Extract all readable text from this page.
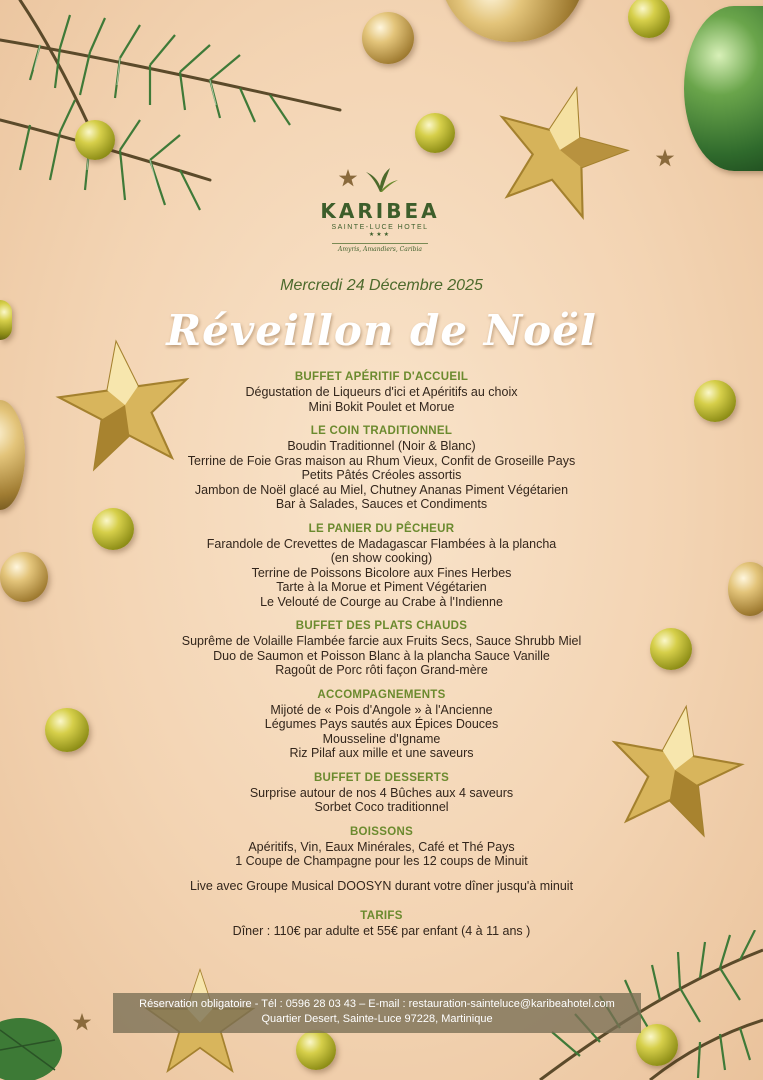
KARIBEA
SAINTE-LUCE HOTEL
★★★
Amyris, Amandiers, Caribia
Mercredi 24 Décembre 2025
Réveillon de Noël
BUFFET APÉRITIF D'ACCUEIL
Dégustation de Liqueurs d'ici et Apéritifs au choix
Mini Bokit Poulet et Morue
LE COIN TRADITIONNEL
Boudin Traditionnel (Noir & Blanc)
Terrine de Foie Gras maison au Rhum Vieux, Confit de Groseille Pays
Petits Pâtés Créoles assortis
Jambon de Noël glacé au Miel, Chutney Ananas Piment Végétarien
Bar à Salades, Sauces et Condiments
LE PANIER DU PÊCHEUR
Farandole de Crevettes de Madagascar Flambées à la plancha
(en show cooking)
Terrine de Poissons Bicolore aux Fines Herbes
Tarte à la Morue et Piment Végétarien
Le Velouté de Courge au Crabe à l'Indienne
BUFFET DES PLATS CHAUDS
Suprême de Volaille Flambée farcie aux Fruits Secs, Sauce Shrubb Miel
Duo de Saumon et Poisson Blanc à la plancha Sauce Vanille
Ragoût de Porc rôti façon Grand-mère
ACCOMPAGNEMENTS
Mijoté de « Pois d'Angole » à l'Ancienne
Légumes Pays sautés aux Épices Douces
Mousseline d'Igname
Riz Pilaf aux mille et une saveurs
BUFFET DE DESSERTS
Surprise autour de nos 4 Bûches aux 4 saveurs
Sorbet Coco traditionnel
BOISSONS
Apéritifs, Vin, Eaux Minérales, Café et Thé Pays
1 Coupe de Champagne pour les 12 coups de Minuit
Live avec Groupe Musical DOOSYN durant votre dîner jusqu'à minuit
TARIFS
Dîner : 110€ par adulte et 55€ par enfant (4 à 11 ans )
Réservation obligatoire - Tél : 0596 28 03 43 – E-mail : restauration-sainteluce@karibeahotel.com
Quartier Desert, Sainte-Luce 97228, Martinique
